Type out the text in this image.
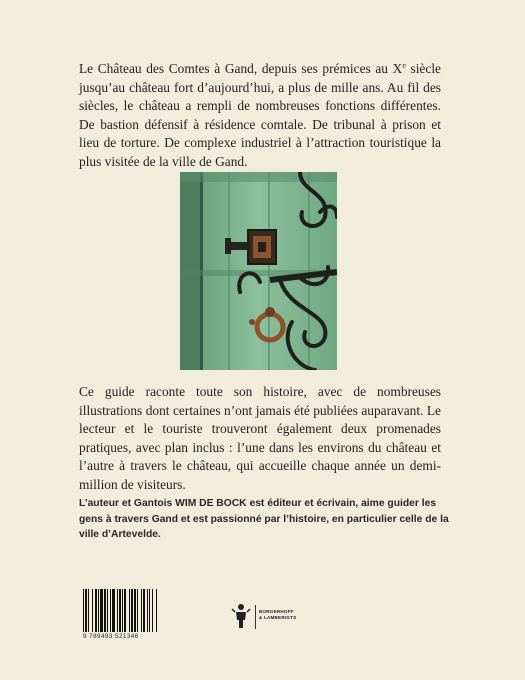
Le Château des Comtes à Gand, depuis ses prémices au Xe siècle jusqu’au château fort d’aujourd’hui, a plus de mille ans. Au fil des siècles, le château a rempli de nombreuses fonctions différentes. De bastion défensif à résidence comtale. De tribunal à prison et lieu de torture. De complexe industriel à l’attraction touristique la plus visitée de la ville de Gand.

Ce guide raconte toute son histoire, avec de nombreuses illustrations dont certaines n’ont jamais été publiées auparavant. Le lecteur et le touriste trouveront également deux promenades pratiques, avec plan inclus : l’une dans les environs du château et l’autre à travers le château, qui accueille chaque année un demi-million de visiteurs.

L’auteur et Gantois WIM DE BOCK est éditeur et écrivain, aime guider les gens à travers Gand et est passionné par l’histoire, en particulier celle de la ville d’Artevelde.

9 789493 521346
BORGERHOFF
& LAMBERIGTS
